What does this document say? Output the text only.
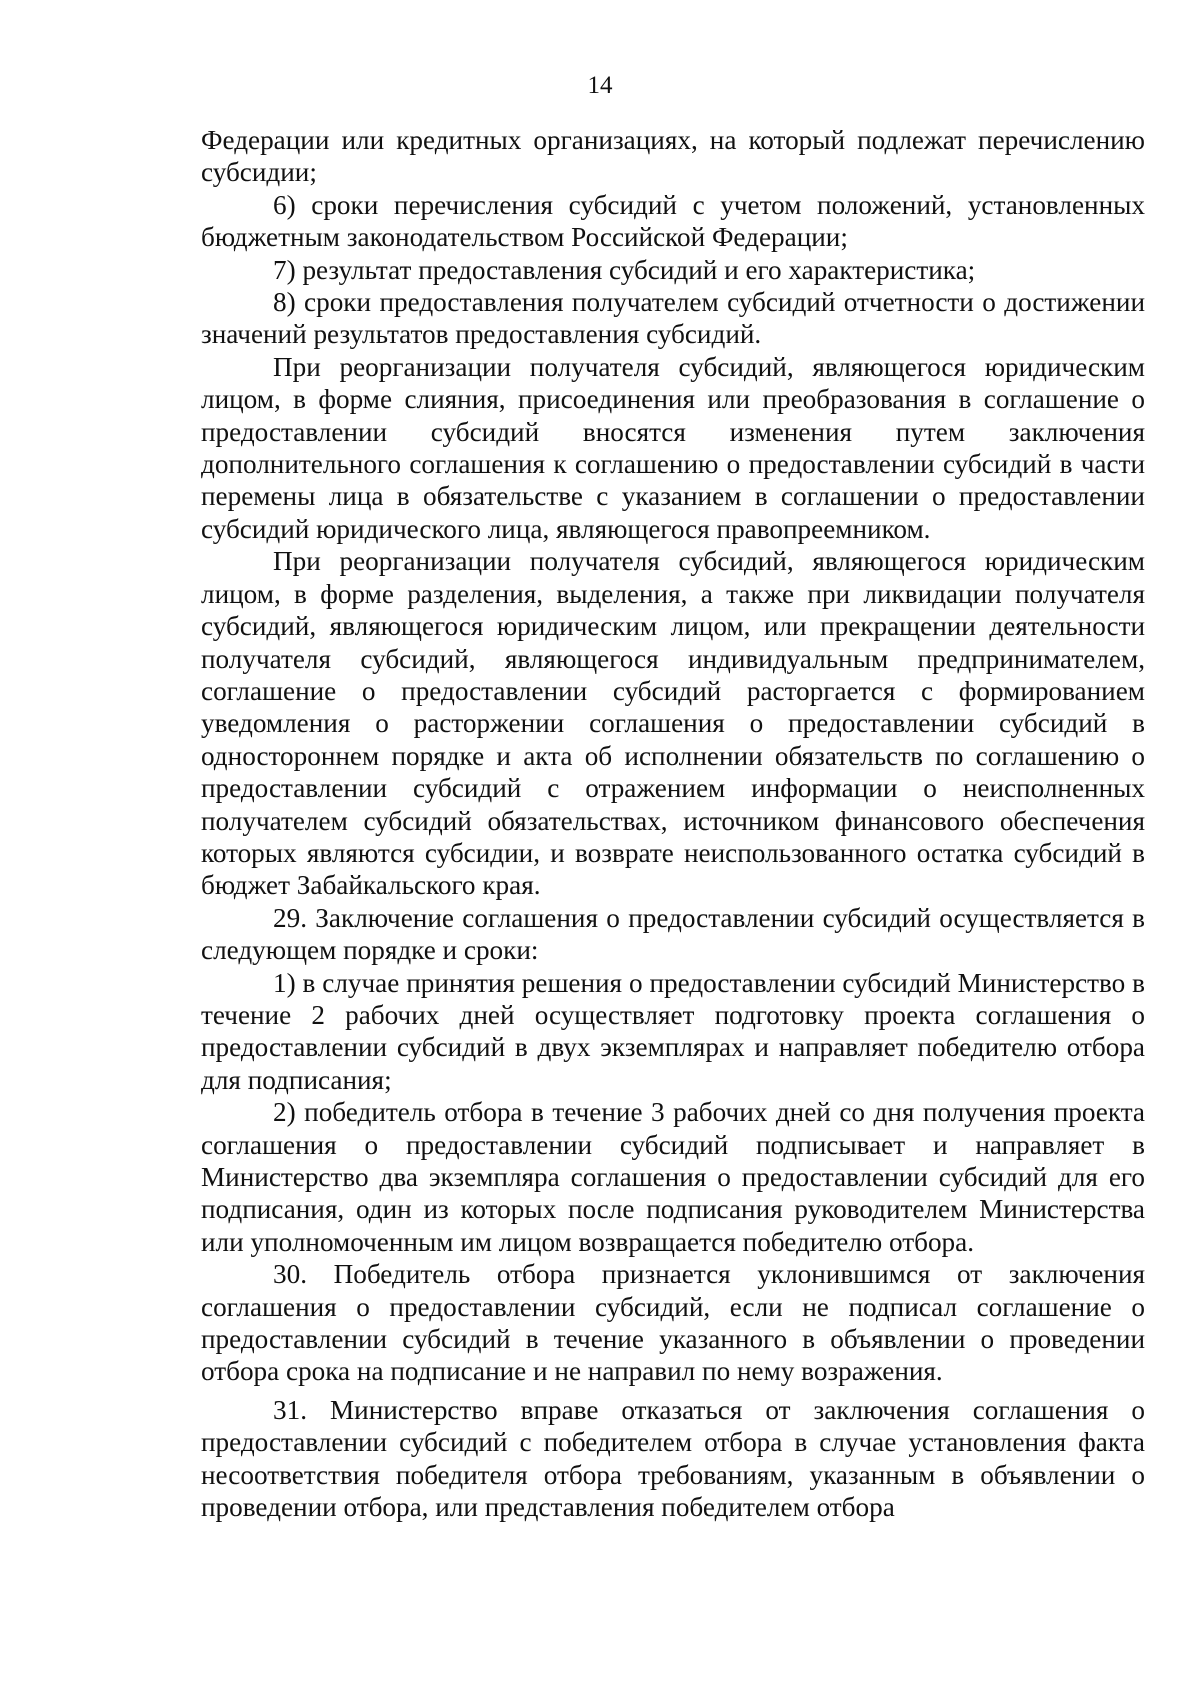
14

Федерации или кредитных организациях, на который подлежат перечислению субсидии;

6) сроки перечисления субсидий с учетом положений, установленных бюджетным законодательством Российской Федерации;

7) результат предоставления субсидий и его характеристика;

8) сроки предоставления получателем субсидий отчетности о достижении значений результатов предоставления субсидий.

При реорганизации получателя субсидий, являющегося юридическим лицом, в форме слияния, присоединения или преобразования в соглашение о предоставлении субсидий вносятся изменения путем заключения дополнительного соглашения к соглашению о предоставлении субсидий в части перемены лица в обязательстве с указанием в соглашении о предоставлении субсидий юридического лица, являющегося правопреемником.

При реорганизации получателя субсидий, являющегося юридическим лицом, в форме разделения, выделения, а также при ликвидации получателя субсидий, являющегося юридическим лицом, или прекращении деятельности получателя субсидий, являющегося индивидуальным предпринимателем, соглашение о предоставлении субсидий расторгается с формированием уведомления о расторжении соглашения о предоставлении субсидий в одностороннем порядке и акта об исполнении обязательств по соглашению о предоставлении субсидий с отражением информации о неисполненных получателем субсидий обязательствах, источником финансового обеспечения которых являются субсидии, и возврате неиспользованного остатка субсидий в бюджет Забайкальского края.

29. Заключение соглашения о предоставлении субсидий осуществляется в следующем порядке и сроки:

1) в случае принятия решения о предоставлении субсидий Министерство в течение 2 рабочих дней осуществляет подготовку проекта соглашения о предоставлении субсидий в двух экземплярах и направляет победителю отбора для подписания;

2) победитель отбора в течение 3 рабочих дней со дня получения проекта соглашения о предоставлении субсидий подписывает и направляет в Министерство два экземпляра соглашения о предоставлении субсидий для его подписания, один из которых после подписания руководителем Министерства или уполномоченным им лицом возвращается победителю отбора.

30. Победитель отбора признается уклонившимся от заключения соглашения о предоставлении субсидий, если не подписал соглашение о предоставлении субсидий в течение указанного в объявлении о проведении отбора срока на подписание и не направил по нему возражения.

31. Министерство вправе отказаться от заключения соглашения о предоставлении субсидий с победителем отбора в случае установления факта несоответствия победителя отбора требованиям, указанным в объявлении о проведении отбора, или представления победителем отбора
